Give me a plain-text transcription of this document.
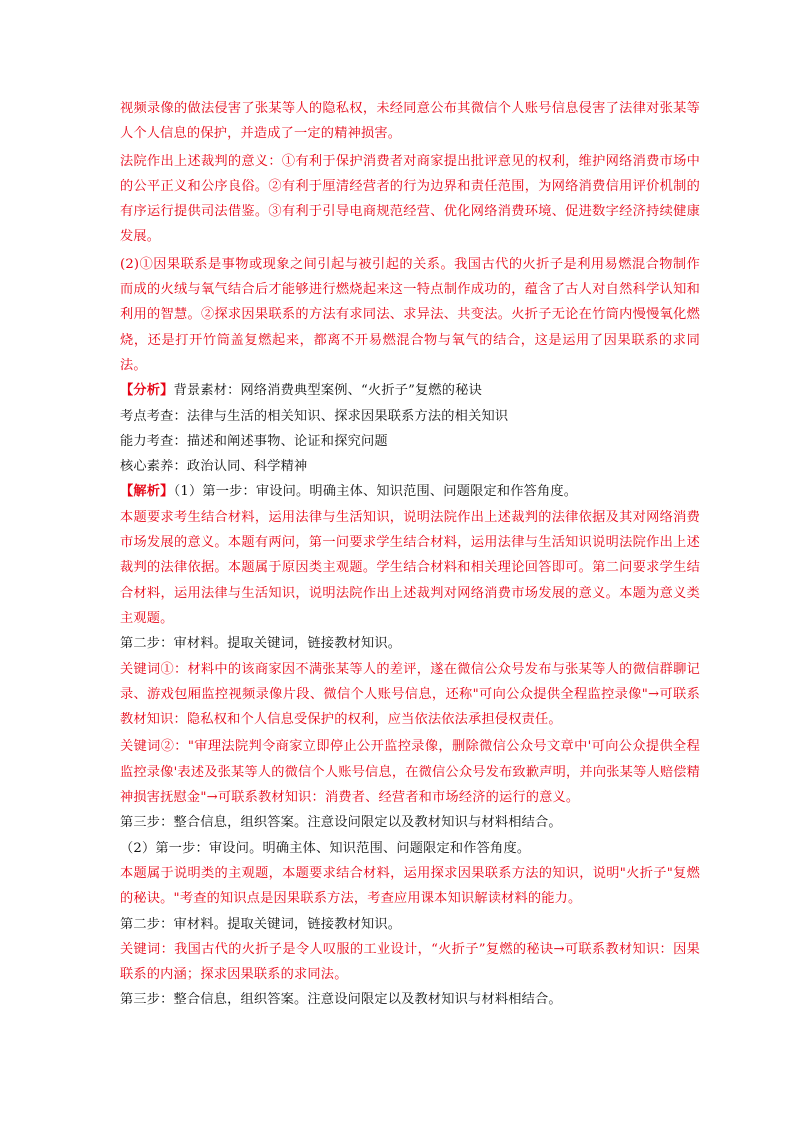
视频录像的做法侵害了张某等人的隐私权，未经同意公布其微信个人账号信息侵害了法律对张某等人个人信息的保护，并造成了一定的精神损害。

法院作出上述裁判的意义：①有利于保护消费者对商家提出批评意见的权利，维护网络消费市场中的公平正义和公序良俗。②有利于厘清经营者的行为边界和责任范围，为网络消费信用评价机制的有序运行提供司法借鉴。③有利于引导电商规范经营、优化网络消费环境、促进数字经济持续健康发展。

(2)①因果联系是事物或现象之间引起与被引起的关系。我国古代的火折子是利用易燃混合物制作而成的火绒与氧气结合后才能够进行燃烧起来这一特点制作成功的，蕴含了古人对自然科学认知和利用的智慧。②探求因果联系的方法有求同法、求异法、共变法。火折子无论在竹筒内慢慢氧化燃烧，还是打开竹筒盖复燃起来，都离不开易燃混合物与氧气的结合，这是运用了因果联系的求同法。

【分析】背景素材：网络消费典型案例、“火折子”复燃的秘诀

考点考查：法律与生活的相关知识、探求因果联系方法的相关知识

能力考查：描述和阐述事物、论证和探究问题

核心素养：政治认同、科学精神

【解析】（1）第一步：审设问。明确主体、知识范围、问题限定和作答角度。

本题要求考生结合材料，运用法律与生活知识，说明法院作出上述裁判的法律依据及其对网络消费市场发展的意义。本题有两问，第一问要求学生结合材料，运用法律与生活知识说明法院作出上述裁判的法律依据。本题属于原因类主观题。学生结合材料和相关理论回答即可。第二问要求学生结合材料，运用法律与生活知识，说明法院作出上述裁判对网络消费市场发展的意义。本题为意义类主观题。

第二步：审材料。提取关键词，链接教材知识。

关键词①：材料中的该商家因不满张某等人的差评，遂在微信公众号发布与张某等人的微信群聊记录、游戏包厢监控视频录像片段、微信个人账号信息，还称"可向公众提供全程监控录像"→可联系教材知识：隐私权和个人信息受保护的权利，应当依法依法承担侵权责任。

关键词②："审理法院判令商家立即停止公开监控录像，删除微信公众号文章中'可向公众提供全程监控录像'表述及张某等人的微信个人账号信息，在微信公众号发布致歉声明，并向张某等人赔偿精神损害抚慰金"→可联系教材知识：消费者、经营者和市场经济的运行的意义。

第三步：整合信息，组织答案。注意设问限定以及教材知识与材料相结合。

（2）第一步：审设问。明确主体、知识范围、问题限定和作答角度。

本题属于说明类的主观题，本题要求结合材料，运用探求因果联系方法的知识，说明"火折子"复燃的秘诀。"考查的知识点是因果联系方法，考查应用课本知识解读材料的能力。

第二步：审材料。提取关键词，链接教材知识。

关键词：我国古代的火折子是令人叹服的工业设计，“火折子”复燃的秘诀→可联系教材知识：因果联系的内涵；探求因果联系的求同法。

第三步：整合信息，组织答案。注意设问限定以及教材知识与材料相结合。
